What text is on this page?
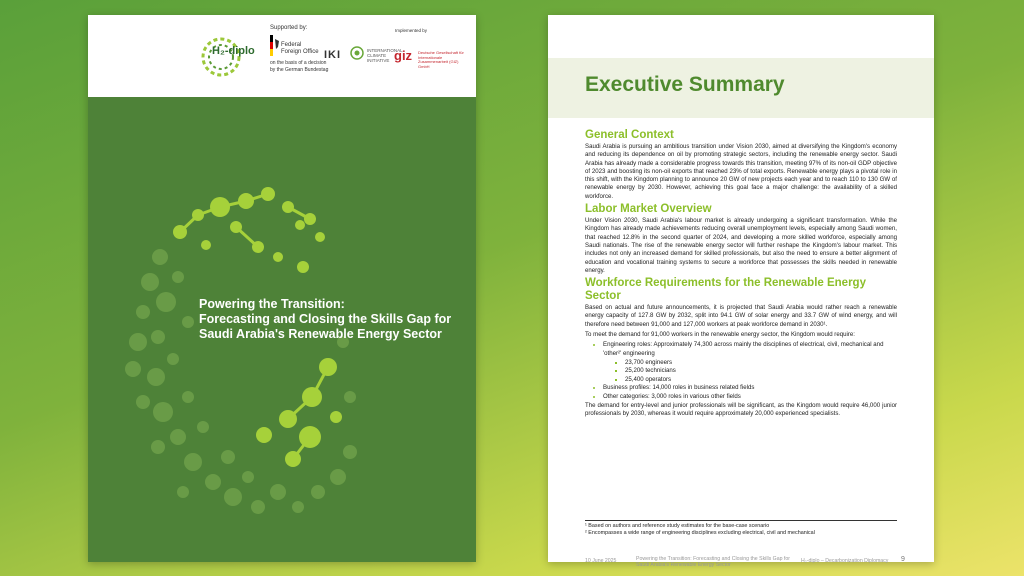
H₂-diplo
Supported by:
Federal Foreign Office
on the basis of a decision by the German Bundestag
IKI	INTERNATIONAL CLIMATE INITIATIVE
Implemented by
giz Deutsche Gesellschaft für Internationale Zusammenarbeit (GIZ) GmbH
Powering the Transition:
Forecasting and Closing the Skills Gap for
Saudi Arabia's Renewable Energy Sector
Executive Summary
General Context

Saudi Arabia is pursuing an ambitious transition under Vision 2030, aimed at diversifying the Kingdom's economy and reducing its dependence on oil by promoting strategic sectors, including the renewable energy sector. Saudi Arabia has already made a considerable progress towards this transition, meeting 97% of its non-oil GDP objective of 2023 and boosting its non-oil exports that reached 23% of total exports. Renewable energy plays a pivotal role in this shift, with the Kingdom planning to announce 20 GW of new projects each year and to reach 110 to 130 GW of renewable energy by 2030. However, achieving this goal face a major challenge: the availability of a skilled workforce.

Labor Market Overview

Under Vision 2030, Saudi Arabia's labour market is already undergoing a significant transformation. While the Kingdom has already made achievements reducing overall unemployment levels, especially among Saudi women, that reached 12.8% in the second quarter of 2024, and developing a more skilled workforce, especially among Saudi nationals. The rise of the renewable energy sector will further reshape the Kingdom's labour market. This includes not only an increased demand for skilled professionals, but also the need to ensure a better alignment of education and vocational training systems to secure a workforce that possesses the skills needed in renewable energy.

Workforce Requirements for the Renewable Energy Sector

Based on actual and future announcements, it is projected that Saudi Arabia would rather reach a renewable energy capacity of 127.8 GW by 2032, split into 94.1 GW of solar energy and 33.7 GW of wind energy, and will therefore need between 91,000 and 127,000 workers at peak workforce demand in 2030¹.

To meet the demand for 91,000 workers in the renewable energy sector, the Kingdom would require:

• Engineering roles: Approximately 74,300 across mainly the disciplines of electrical, civil, mechanical and 'other²' engineering
▪ 23,700 engineers
▪ 25,200 technicians
▪ 25,400 operators
• Business profiles: 14,000 roles in business related fields
• Other categories: 3,000 roles in various other fields

The demand for entry-level and junior professionals will be significant, as the Kingdom would require 46,000 junior professionals by 2030, whereas it would require approximately 20,000 experienced specialists.

¹ Based on authors and reference study estimates for the base-case scenario
² Encompasses a wide range of engineering disciplines excluding electrical, civil and mechanical
10 June 2025	Powering the Transition: Forecasting and Closing the Skills Gap for Saudi Arabia's Renewable Energy Sector
H₂-diplo – Decarbonization Diplomacy 9
